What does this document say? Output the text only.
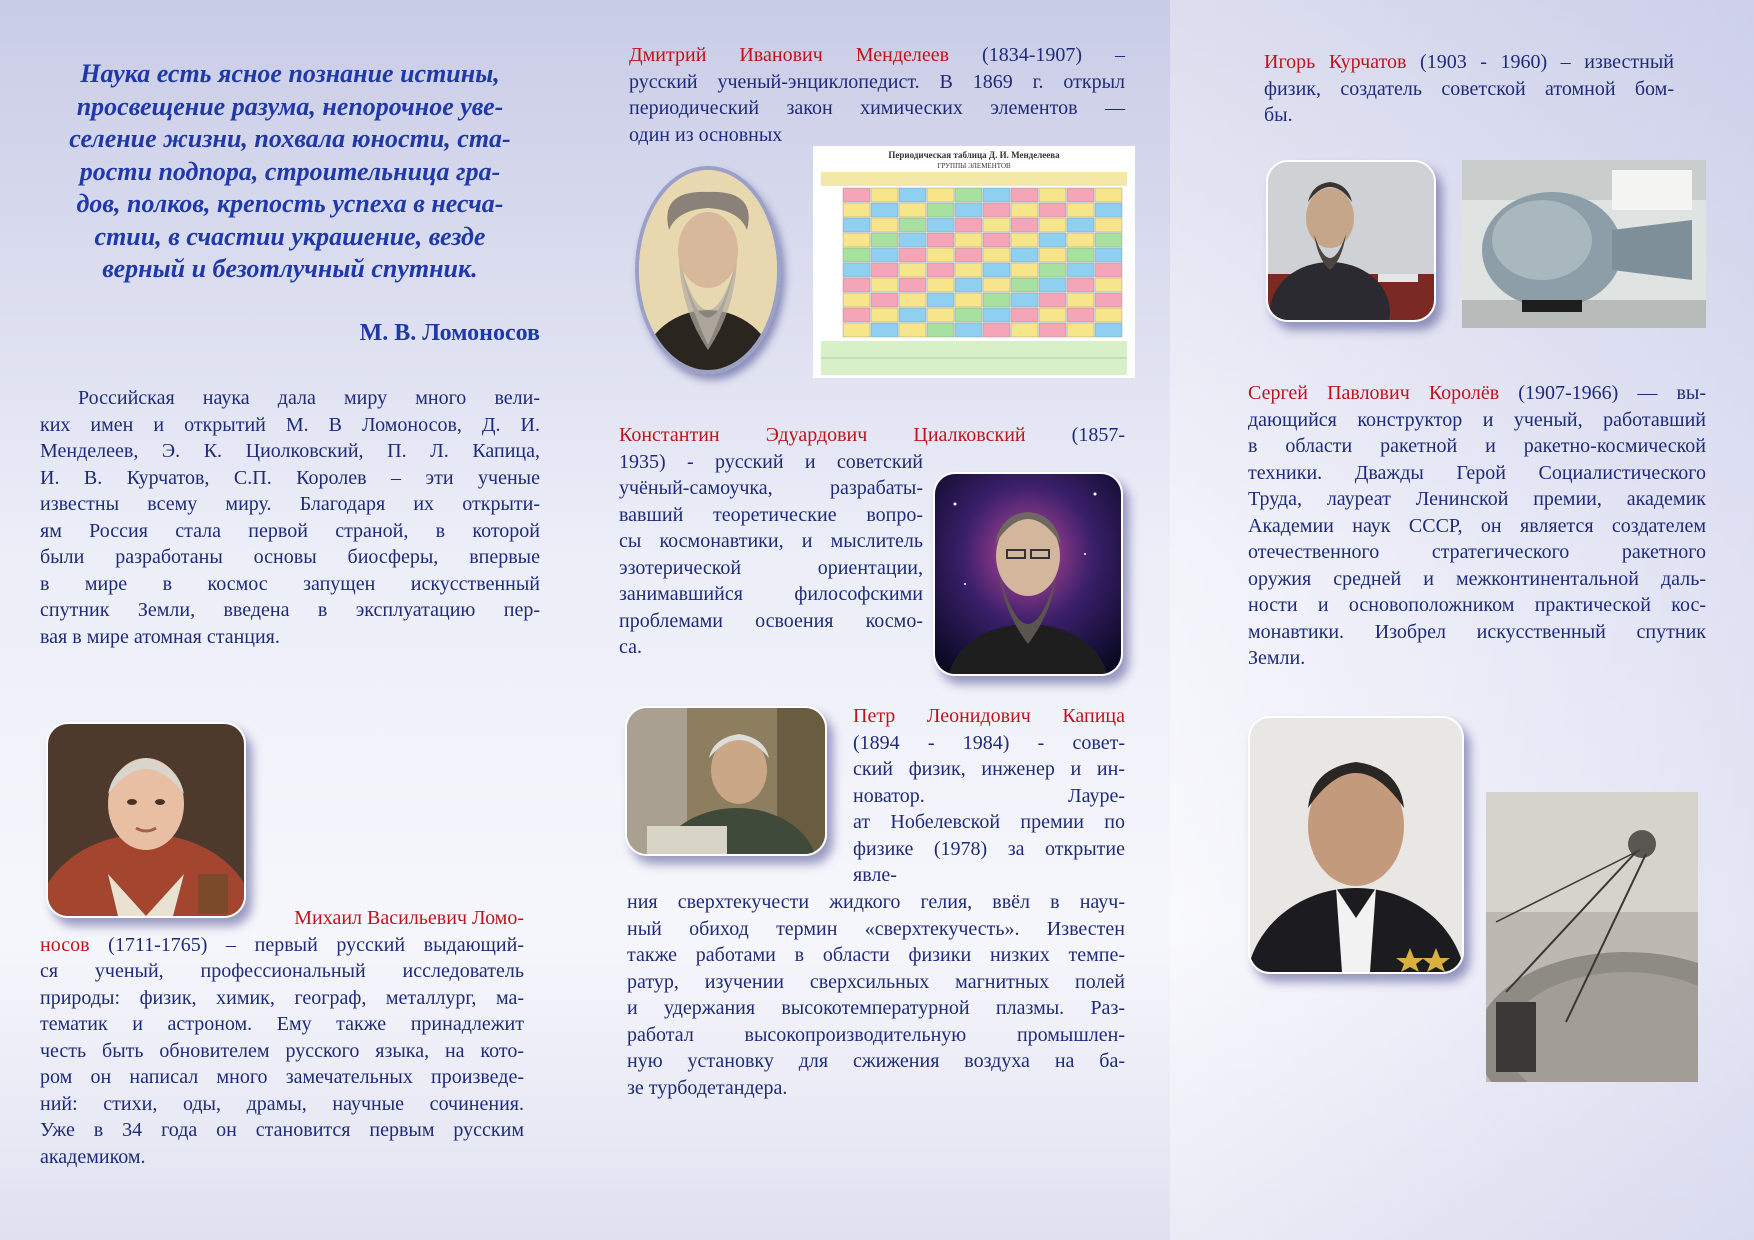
Наука есть ясное познание истины,
просвещение разума, непорочное уве-
селение жизни, похвала юности, ста-
рости подпора, строительница гра-
дов, полков, крепость успеха в несча-
стии, в счастии украшение, везде
верный и безотлучный спутник.
М. В. Ломоносов
Российская наука дала миру много вели-
ких имен и открытий М. В Ломоносов, Д. И.
Менделеев, Э. К. Циолковский, П. Л. Капица,
И. В. Курчатов, С.П. Королев – эти ученые
известны всему миру. Благодаря их открыти-
ям Россия стала первой страной, в которой
были разработаны основы биосферы, впервые
в мире в космос запущен искусственный
спутник Земли, введена в эксплуатацию пер-
вая в мире атомная станция.
Михаил Васильевич Ломо-
носов (1711-1765) – первый русский выдающий-
ся ученый, профессиональный исследователь
природы: физик, химик, географ, металлург, ма-
тематик и астроном. Ему также принадлежит
честь быть обновителем русского языка, на кото-
ром он написал много замечательных произведе-
ний: стихи, оды, драмы, научные сочинения.
Уже в 34 года он становится первым русским
академиком.
Дмитрий Иванович Менделеев (1834-1907) –
русский ученый-энциклопедист. В 1869 г. открыл
периодический закон химических элементов —
один из основных
Периодическая таблица Д. И. Менделеева
ГРУППЫ ЭЛЕМЕНТОВ
Константин Эдуардович Циалковский (1857-
1935) - русский и советский
учёный-самоучка, разрабаты-
вавший теоретические вопро-
сы космонавтики, и мыслитель
эзотерической ориентации,
занимавшийся философскими
проблемами освоения космо-
са.
Петр Леонидович Капица
(1894 - 1984) - совет-
ский физик, инженер и ин-
новатор. Лауре-
ат Нобелевской премии по
физике (1978) за открытие
явле-
ния сверхтекучести жидкого гелия, ввёл в науч-
ный обиход термин «сверхтекучесть». Известен
также работами в области физики низких темпе-
ратур, изучении сверхсильных магнитных полей
и удержания высокотемпературной плазмы. Раз-
работал высокопроизводительную промышлен-
ную установку для сжижения воздуха на ба-
зе турбодетандера.
Игорь Курчатов (1903 - 1960) – известный
физик, создатель советской атомной бом-
бы.
Сергей Павлович Королёв (1907-1966) — вы-
дающийся конструктор и ученый, работавший
в области ракетной и ракетно-космической
техники. Дважды Герой Социалистического
Труда, лауреат Ленинской премии, академик
Академии наук СССР, он является создателем
отечественного стратегического ракетного
оружия средней и межконтинентальной даль-
ности и основоположником практической кос-
монавтики. Изобрел искусственный спутник
Земли.
